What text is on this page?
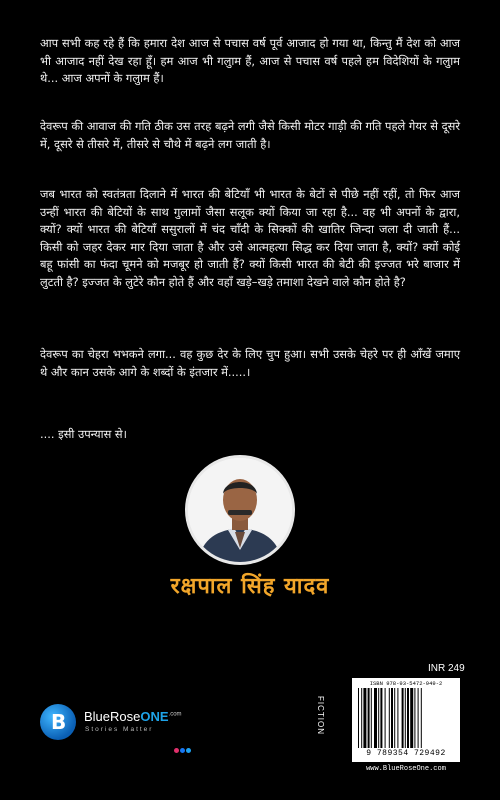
आप सभी कह रहे हैं कि हमारा देश आज से पचास वर्ष पूर्व आजाद हो गया था, किन्तु मैं देश को आज भी आजाद नहीं देख रहा हूँ। हम आज भी गलुाम हैं, आज से पचास वर्ष पहले हम विदेशियों के गलुाम थे... आज अपनों के गलुाम हैं।

देवरूप की आवाज की गति ठीक उस तरह बढ़ने लगी जैसे किसी मोटर गाड़ी की गति पहले गेयर से दूसरे में, दूसरे से तीसरे में, तीसरे से चौथे में बढ़ने लग जाती है।

जब भारत को स्वतंत्रता दिलाने में भारत की बेटियाँ भी भारत के बेटों से पीछे नहीं रहीं, तो फिर आज उन्हीं भारत की बेटियों के साथ गुलामों जैसा सलूक क्यों किया जा रहा है... वह भी अपनों के द्वारा, क्यों? क्यों भारत की बेटियाँ ससुरालों में चंद चाँदी के सिक्कों की खातिर जिन्दा जला दी जाती हैं... किसी को जहर देकर मार दिया जाता है और उसे आत्महत्या सिद्ध कर दिया जाता है, क्यों? क्यों कोई बहू फांसी का फंदा चूमने को मजबूर हो जाती हैं? क्यों किसी भारत की बेटी की इज्जत भरे बाजार में लुटती है? इज्जत के लुटेरे कौन होते हैं और वहाँ खड़े–खड़े तमाशा देखने वाले कौन होते है?

देवरूप का चेहरा भभकने लगा... वह कुछ देर के लिए चुप हुआ। सभी उसके चेहरे पर ही आँखें जमाए थे और कान उसके आगे के शब्दों के इंतजार में.....।

.... इसी उपन्यास से।

रक्षपाल सिंह यादव

B BlueRoseONE$^{.com}$
Stories Matter
INR 249
FICTION
ISBN 978-93-5472-949-2
9 789354 729492
www.BlueRoseOne.com
